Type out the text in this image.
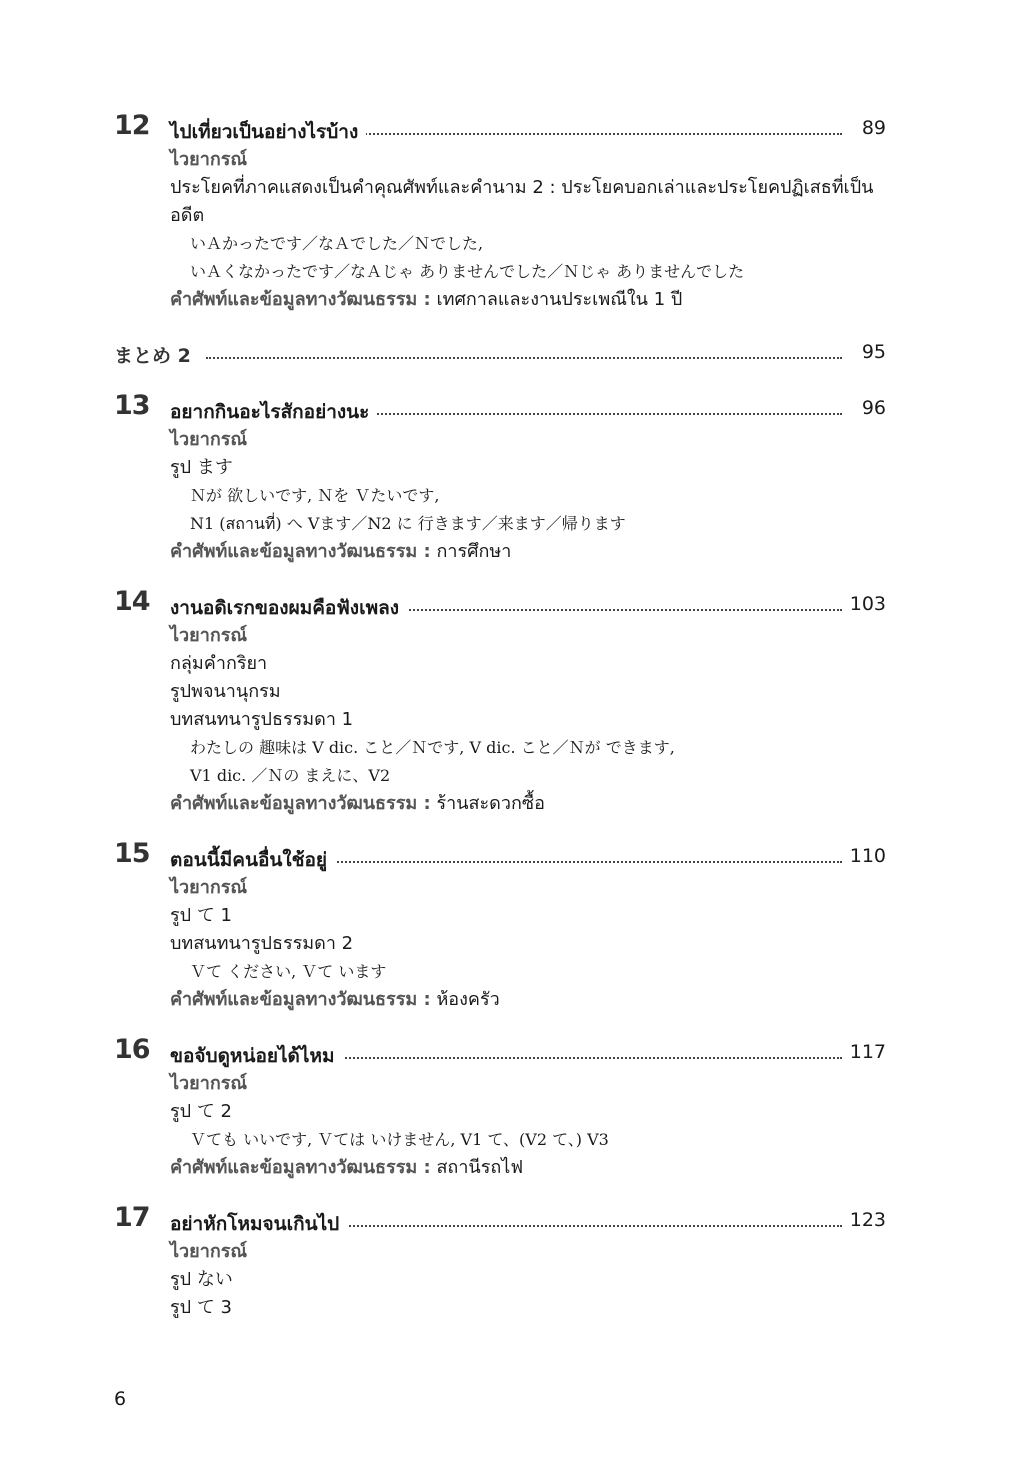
12	ไปเที่ยวเป็นอย่างไรบ้าง	89
ไวยากรณ์
ประโยคที่ภาคแสดงเป็นคำคุณศัพท์และคำนาม 2 : ประโยคบอกเล่าและประโยคปฏิเสธที่เป็นอดีต
いＡかったです／なＡでした／Ｎでした,
いＡくなかったです／なＡじゃ ありませんでした／Ｎじゃ ありませんでした
คำศัพท์และข้อมูลทางวัฒนธรรม : เทศกาลและงานประเพณีใน 1 ปี
まとめ 2	95
13	อยากกินอะไรสักอย่างนะ	96
ไวยากรณ์
รูป ます
Ｎが 欲しいです, Ｎを Ｖたいです,
N1 (สถานที่) へ Vます／N2 に 行きます／来ます／帰ります
คำศัพท์และข้อมูลทางวัฒนธรรม : การศึกษา
14	งานอดิเรกของผมคือฟังเพลง	103
ไวยากรณ์
กลุ่มคำกริยา
รูปพจนานุกรม
บทสนทนารูปธรรมดา 1
わたしの 趣味は V dic. こと／Ｎです, V dic. こと／Ｎが できます,
V1 dic. ／Ｎの まえに、V2
คำศัพท์และข้อมูลทางวัฒนธรรม : ร้านสะดวกซื้อ
15	ตอนนี้มีคนอื่นใช้อยู่	110
ไวยากรณ์
รูป て 1
บทสนทนารูปธรรมดา 2
Ｖて ください, Ｖて います
คำศัพท์และข้อมูลทางวัฒนธรรม : ห้องครัว
16	ขอจับดูหน่อยได้ไหม	117
ไวยากรณ์
รูป て 2
Ｖても いいです, Ｖては いけません, V1 て、(V2 て、) V3
คำศัพท์และข้อมูลทางวัฒนธรรม : สถานีรถไฟ
17	อย่าหักโหมจนเกินไป	123
ไวยากรณ์
รูป ない
รูป て 3
6
